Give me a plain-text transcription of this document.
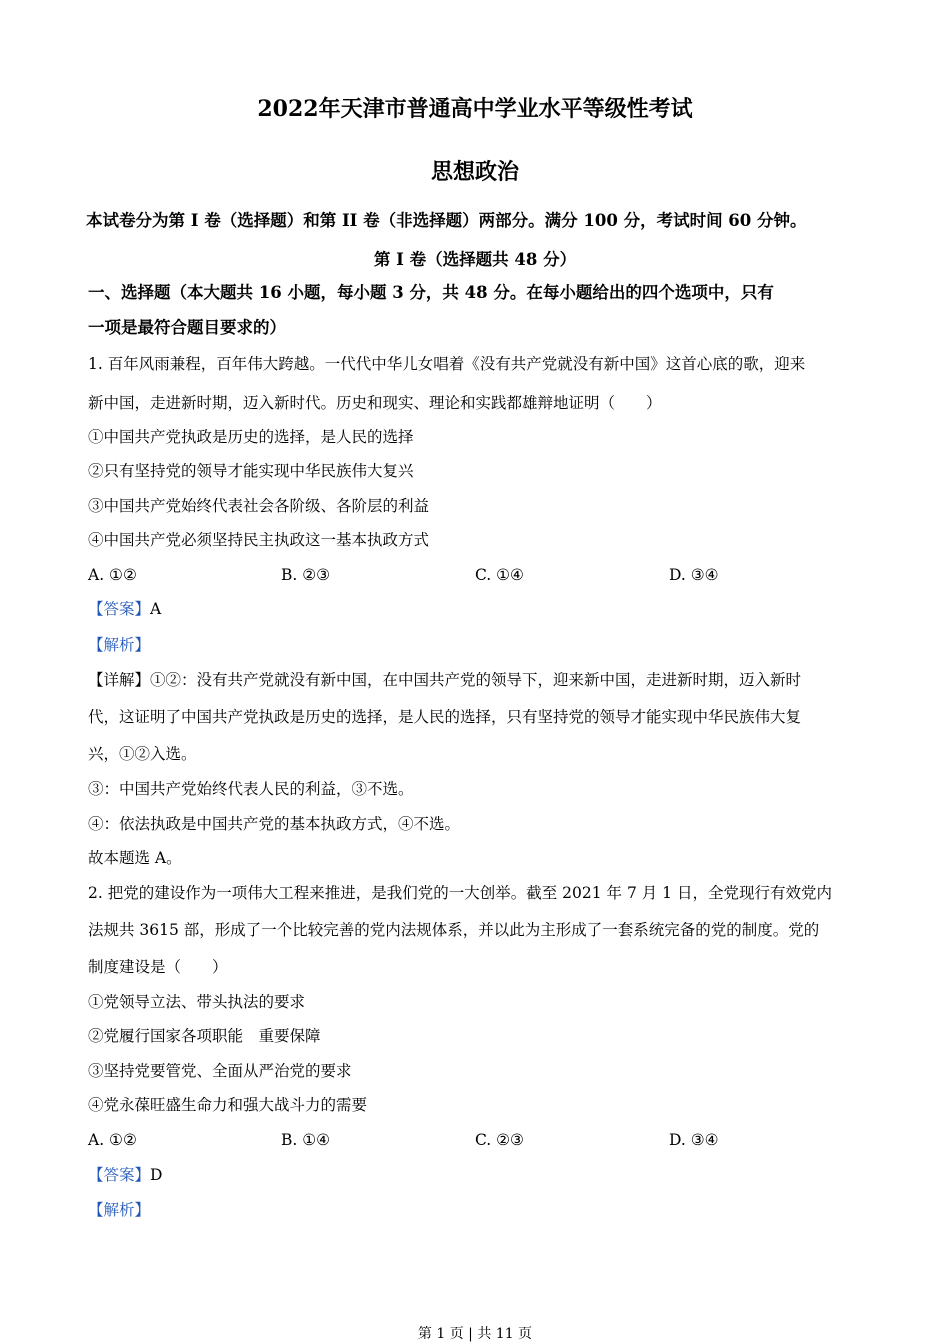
2022年天津市普通高中学业水平等级性考试
思想政治
本试卷分为第 I 卷（选择题）和第 II 卷（非选择题）两部分。满分 100 分，考试时间 60 分钟。
第 I 卷（选择题共 48 分）
一、选择题（本大题共 16 小题，每小题 3 分，共 48 分。在每小题给出的四个选项中，只有
一项是最符合题目要求的）
1. 百年风雨兼程，百年伟大跨越。一代代中华儿女唱着《没有共产党就没有新中国》这首心底的歌，迎来
新中国，走进新时期，迈入新时代。历史和现实、理论和实践都雄辩地证明（　　）
①中国共产党执政是历史的选择，是人民的选择
②只有坚持党的领导才能实现中华民族伟大复兴
③中国共产党始终代表社会各阶级、各阶层的利益
④中国共产党必须坚持民主执政这一基本执政方式
A. ①②	B. ②③	C. ①④	D. ③④
【答案】A
【解析】
【详解】①②：没有共产党就没有新中国，在中国共产党的领导下，迎来新中国，走进新时期，迈入新时
代，这证明了中国共产党执政是历史的选择，是人民的选择，只有坚持党的领导才能实现中华民族伟大复
兴，①②入选。
③：中国共产党始终代表人民的利益，③不选。
④：依法执政是中国共产党的基本执政方式，④不选。
故本题选 A。
2. 把党的建设作为一项伟大工程来推进，是我们党的一大创举。截至 2021 年 7 月 1 日，全党现行有效党内
法规共 3615 部，形成了一个比较完善的党内法规体系，并以此为主形成了一套系统完备的党的制度。党的
制度建设是（　　）
①党领导立法、带头执法的要求
②党履行国家各项职能　重要保障
③坚持党要管党、全面从严治党的要求
④党永葆旺盛生命力和强大战斗力的需要
A. ①②	B. ①④	C. ②③	D. ③④
【答案】D
【解析】
第 1 页 | 共 11 页
